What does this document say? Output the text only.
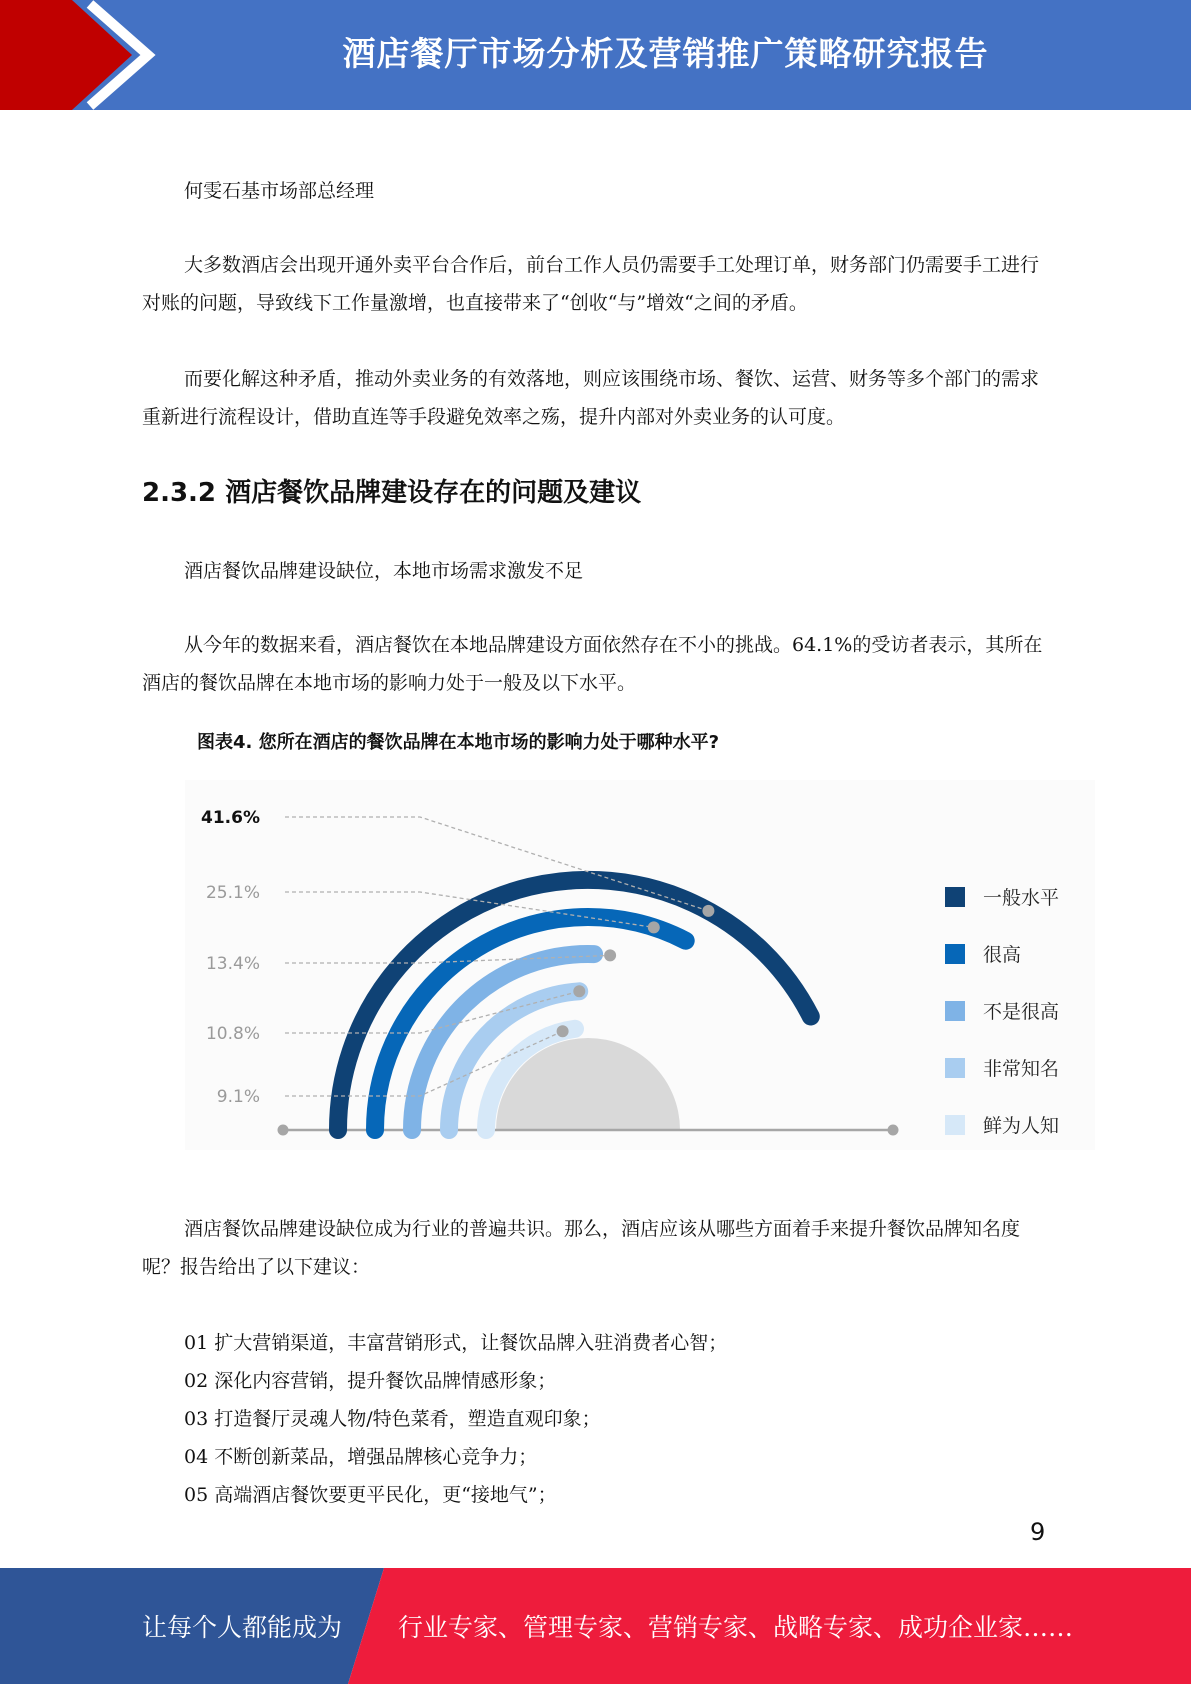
酒店餐厅市场分析及营销推广策略研究报告

何雯石基市场部总经理

大多数酒店会出现开通外卖平台合作后，前台工作人员仍需要手工处理订单，财务部门仍需要手工进行对账的问题，导致线下工作量激增，也直接带来了“创收“与”增效“之间的矛盾。

而要化解这种矛盾，推动外卖业务的有效落地，则应该围绕市场、餐饮、运营、财务等多个部门的需求重新进行流程设计，借助直连等手段避免效率之殇，提升内部对外卖业务的认可度。

2.3.2 酒店餐饮品牌建设存在的问题及建议

酒店餐饮品牌建设缺位，本地市场需求激发不足

从今年的数据来看，酒店餐饮在本地品牌建设方面依然存在不小的挑战。64.1%的受访者表示，其所在酒店的餐饮品牌在本地市场的影响力处于一般及以下水平。

图表4. 您所在酒店的餐饮品牌在本地市场的影响力处于哪种水平?
41.6%
一般水平
25.1%
很高
13.4%
不是很高
10.8%
非常知名
9.1%
鲜为人知

酒店餐饮品牌建设缺位成为行业的普遍共识。那么，酒店应该从哪些方面着手来提升餐饮品牌知名度呢？报告给出了以下建议：

01 扩大营销渠道，丰富营销形式，让餐饮品牌入驻消费者心智；
02 深化内容营销，提升餐饮品牌情感形象；
03 打造餐厅灵魂人物/特色菜肴，塑造直观印象；
04 不断创新菜品，增强品牌核心竞争力；
05 高端酒店餐饮要更平民化，更“接地气”；
9
让每个人都能成为 行业专家、管理专家、营销专家、战略专家、成功企业家……
